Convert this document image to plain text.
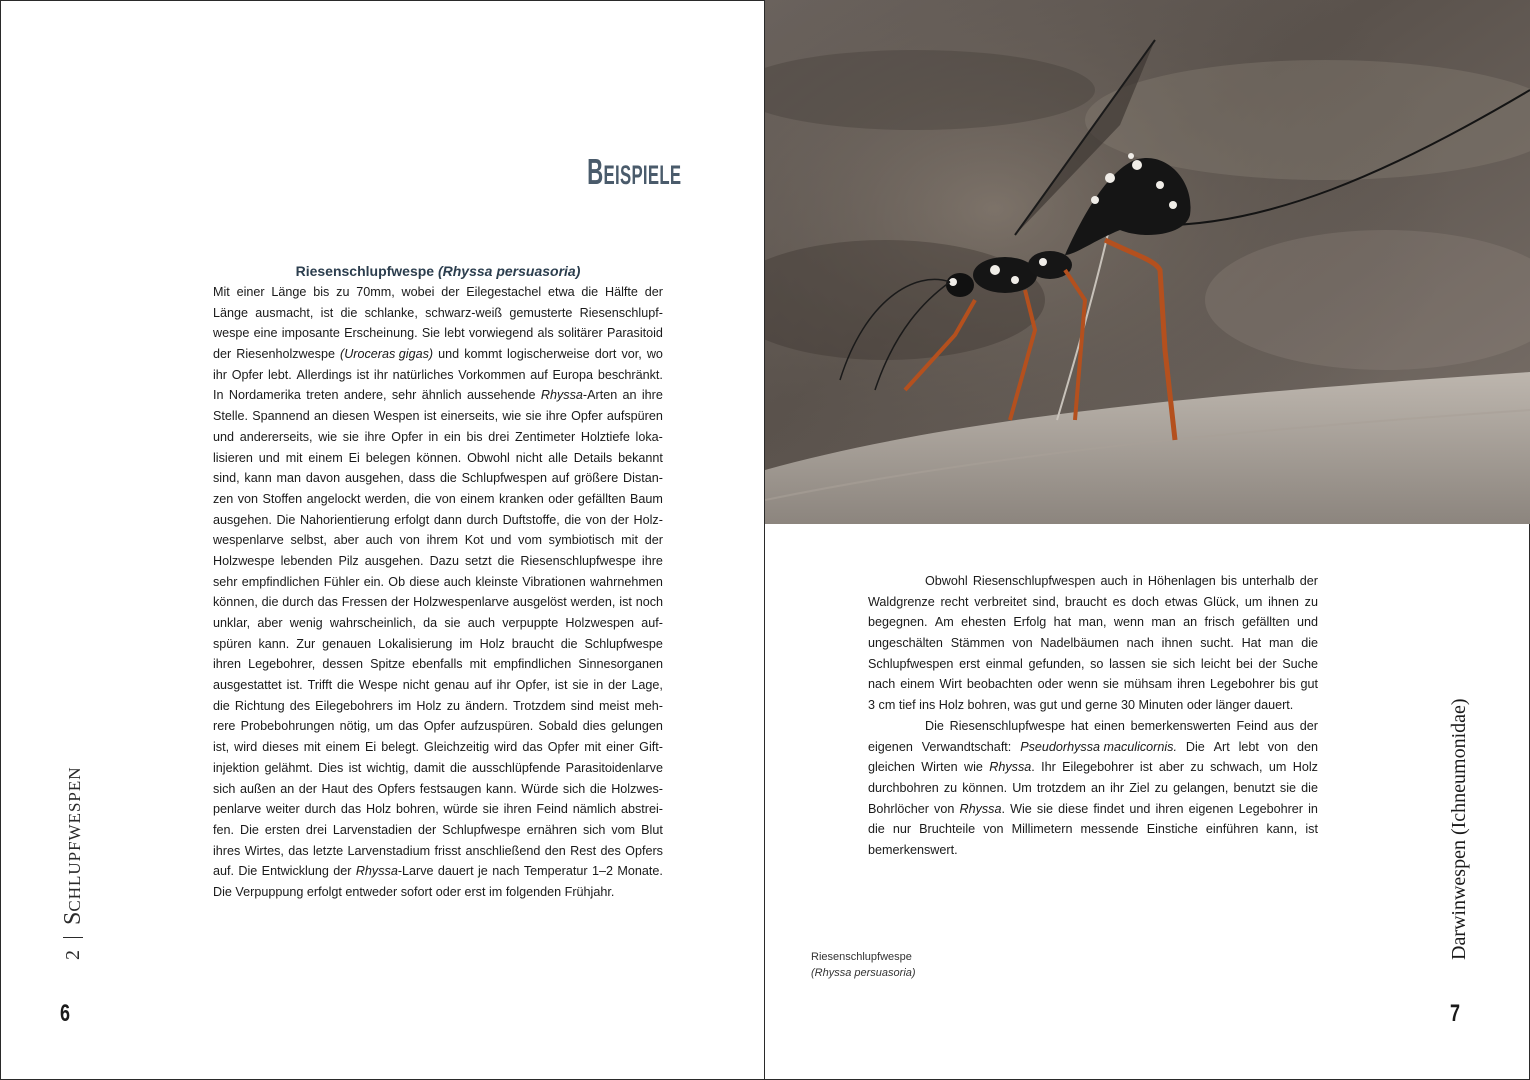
BEISPIELE
Riesenschlupfwespe (Rhyssa persuasoria)
Mit einer Länge bis zu 70mm, wobei der Eilegestachel etwa die Hälfte der
Länge ausmacht, ist die schlanke, schwarz-weiß gemusterte Riesenschlupf-
wespe eine imposante Erscheinung. Sie lebt vorwiegend als solitärer Parasitoid
der Riesenholzwespe (Uroceras gigas) und kommt logischerweise dort vor, wo
ihr Opfer lebt. Allerdings ist ihr natürliches Vorkommen auf Europa beschränkt.
In Nordamerika treten andere, sehr ähnlich aussehende Rhyssa-Arten an ihre
Stelle. Spannend an diesen Wespen ist einerseits, wie sie ihre Opfer aufspüren
und andererseits, wie sie ihre Opfer in ein bis drei Zentimeter Holztiefe loka-
lisieren und mit einem Ei belegen können. Obwohl nicht alle Details bekannt
sind, kann man davon ausgehen, dass die Schlupfwespen auf größere Distan-
zen von Stoffen angelockt werden, die von einem kranken oder gefällten Baum
ausgehen. Die Nahorientierung erfolgt dann durch Duftstoffe, die von der Holz-
wespenlarve selbst, aber auch von ihrem Kot und vom symbiotisch mit der
Holzwespe lebenden Pilz ausgehen. Dazu setzt die Riesenschlupfwespe ihre
sehr empfindlichen Fühler ein. Ob diese auch kleinste Vibrationen wahrnehmen
können, die durch das Fressen der Holzwespenlarve ausgelöst werden, ist noch
unklar, aber wenig wahrscheinlich, da sie auch verpuppte Holzwespen auf-
spüren kann. Zur genauen Lokalisierung im Holz braucht die Schlupfwespe
ihren Legebohrer, dessen Spitze ebenfalls mit empfindlichen Sinnesorganen
ausgestattet ist. Trifft die Wespe nicht genau auf ihr Opfer, ist sie in der Lage,
die Richtung des Eilegebohrers im Holz zu ändern. Trotzdem sind meist meh-
rere Probebohrungen nötig, um das Opfer aufzuspüren. Sobald dies gelungen
ist, wird dieses mit einem Ei belegt. Gleichzeitig wird das Opfer mit einer Gift-
injektion gelähmt. Dies ist wichtig, damit die ausschlüpfende Parasitoidenlarve
sich außen an der Haut des Opfers festsaugen kann. Würde sich die Holzwes-
penlarve weiter durch das Holz bohren, würde sie ihren Feind nämlich abstrei-
fen. Die ersten drei Larvenstadien der Schlupfwespe ernähren sich vom Blut
ihres Wirtes, das letzte Larvenstadium frisst anschließend den Rest des Opfers
auf. Die Entwicklung der Rhyssa-Larve dauert je nach Temperatur 1–2 Monate.
Die Verpuppung erfolgt entweder sofort oder erst im folgenden Frühjahr.
2
SCHLUPFWESPEN
6
Obwohl Riesenschlupfwespen auch in Höhenlagen bis unterhalb der
Waldgrenze recht verbreitet sind, braucht es doch etwas Glück, um ihnen zu
begegnen. Am ehesten Erfolg hat man, wenn man an frisch gefällten und
ungeschälten Stämmen von Nadelbäumen nach ihnen sucht. Hat man die
Schlupfwespen erst einmal gefunden, so lassen sie sich leicht bei der Suche
nach einem Wirt beobachten oder wenn sie mühsam ihren Legebohrer bis gut
3 cm tief ins Holz bohren, was gut und gerne 30 Minuten oder länger dauert.
Die Riesenschlupfwespe hat einen bemerkenswerten Feind aus der
eigenen Verwandtschaft: Pseudorhyssa maculicornis. Die Art lebt von den
gleichen Wirten wie Rhyssa. Ihr Eilegebohrer ist aber zu schwach, um Holz
durchbohren zu können. Um trotzdem an ihr Ziel zu gelangen, benutzt sie die
Bohrlöcher von Rhyssa. Wie sie diese findet und ihren eigenen Legebohrer in
die nur Bruchteile von Millimetern messende Einstiche einführen kann, ist
bemerkenswert.
Riesenschlupfwespe
(Rhyssa persuasoria)
Darwinwespen (Ichneumonidae)
7
